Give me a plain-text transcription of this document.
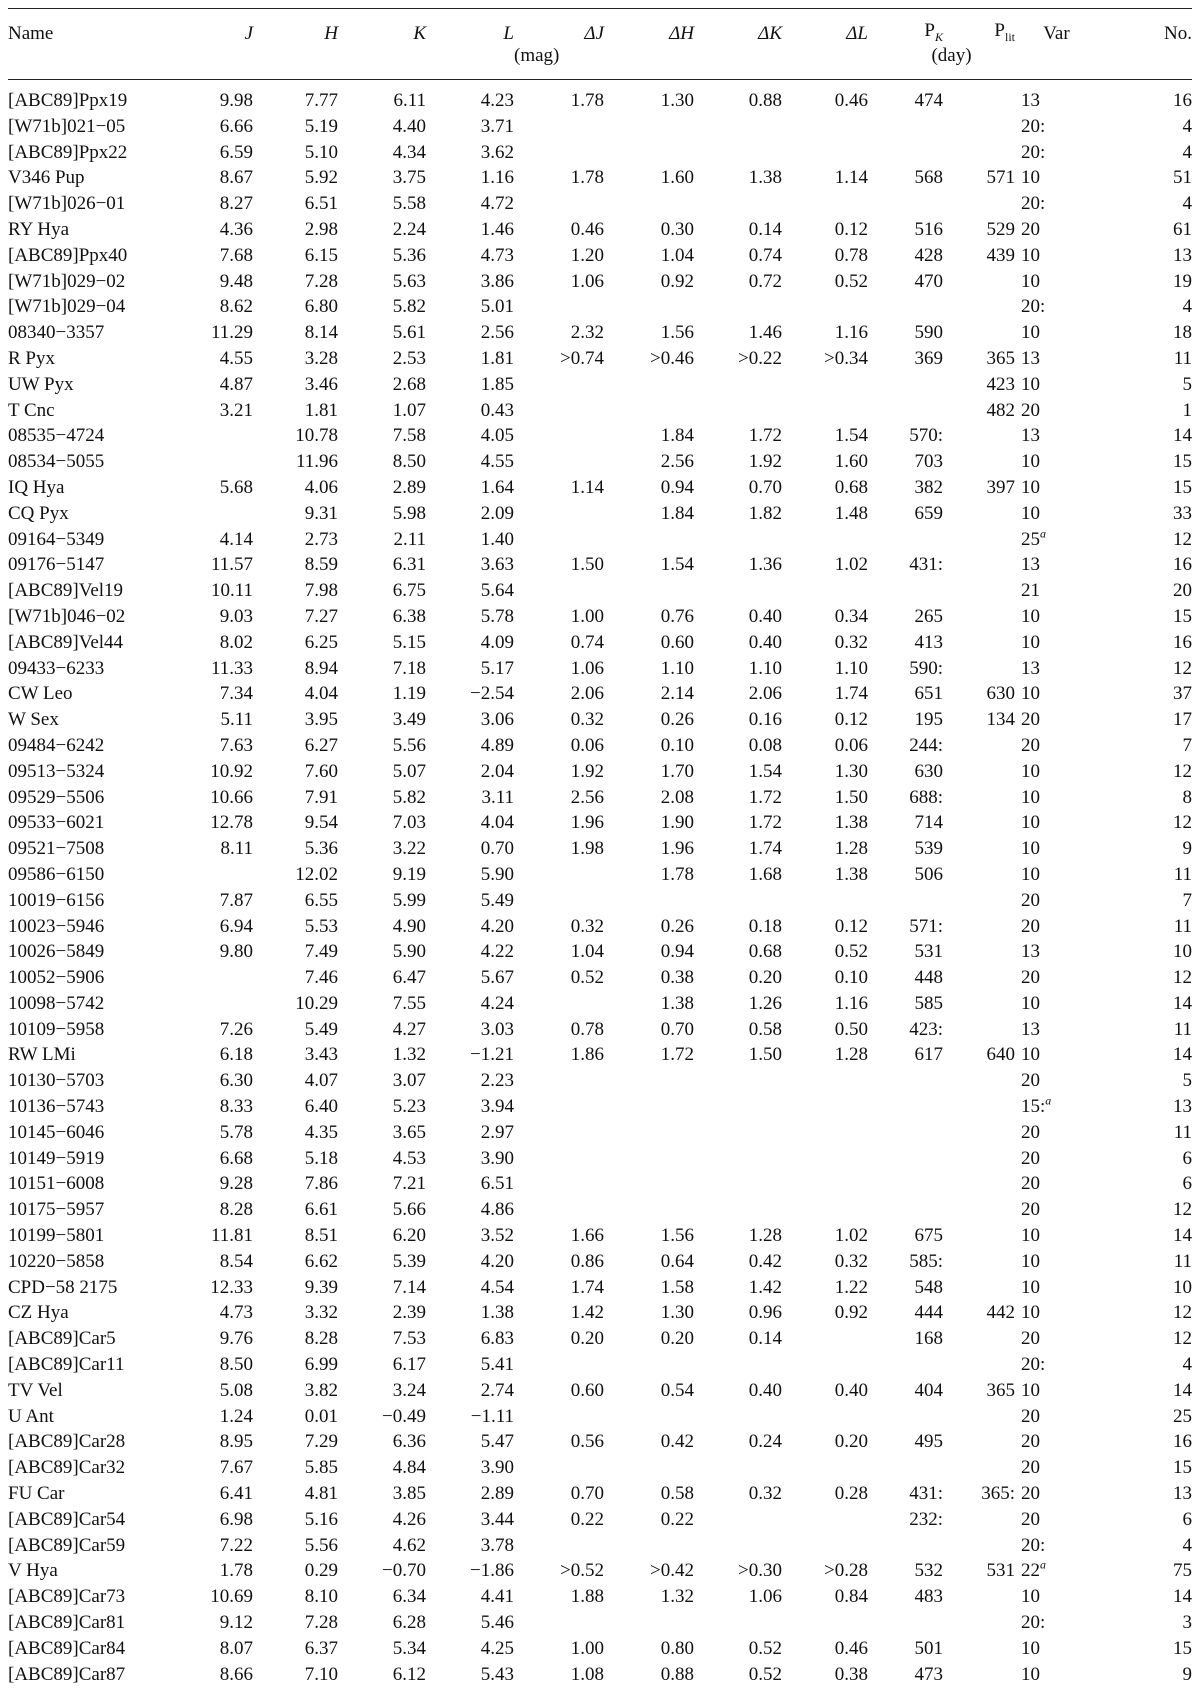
Name	J	H	K	L	ΔJ	ΔH	ΔK	ΔL	$P_K$	$P_{lit}$	Var	No.
					(mag)				(day)			
[ABC89]Ppx19	9.98	7.77	6.11	4.23	1.78	1.30	0.88	0.46	474		13	16
[W71b]021−05	6.66	5.19	4.40	3.71							20:	4
[ABC89]Ppx22	6.59	5.10	4.34	3.62							20:	4
V346 Pup	8.67	5.92	3.75	1.16	1.78	1.60	1.38	1.14	568	571	10	51
[W71b]026−01	8.27	6.51	5.58	4.72							20:	4
RY Hya	4.36	2.98	2.24	1.46	0.46	0.30	0.14	0.12	516	529	20	61
[ABC89]Ppx40	7.68	6.15	5.36	4.73	1.20	1.04	0.74	0.78	428	439	10	13
[W71b]029−02	9.48	7.28	5.63	3.86	1.06	0.92	0.72	0.52	470		10	19
[W71b]029−04	8.62	6.80	5.82	5.01							20:	4
08340−3357	11.29	8.14	5.61	2.56	2.32	1.56	1.46	1.16	590		10	18
R Pyx	4.55	3.28	2.53	1.81	>0.74	>0.46	>0.22	>0.34	369	365	13	11
UW Pyx	4.87	3.46	2.68	1.85						423	10	5
T Cnc	3.21	1.81	1.07	0.43						482	20	1
08535−4724		10.78	7.58	4.05		1.84	1.72	1.54	570:		13	14
08534−5055		11.96	8.50	4.55		2.56	1.92	1.60	703		10	15
IQ Hya	5.68	4.06	2.89	1.64	1.14	0.94	0.70	0.68	382	397	10	15
CQ Pyx		9.31	5.98	2.09		1.84	1.82	1.48	659		10	33
09164−5349	4.14	2.73	2.11	1.40							25$^a$	12
09176−5147	11.57	8.59	6.31	3.63	1.50	1.54	1.36	1.02	431:		13	16
[ABC89]Vel19	10.11	7.98	6.75	5.64							21	20
[W71b]046−02	9.03	7.27	6.38	5.78	1.00	0.76	0.40	0.34	265		10	15
[ABC89]Vel44	8.02	6.25	5.15	4.09	0.74	0.60	0.40	0.32	413		10	16
09433−6233	11.33	8.94	7.18	5.17	1.06	1.10	1.10	1.10	590:		13	12
CW Leo	7.34	4.04	1.19	−2.54	2.06	2.14	2.06	1.74	651	630	10	37
W Sex	5.11	3.95	3.49	3.06	0.32	0.26	0.16	0.12	195	134	20	17
09484−6242	7.63	6.27	5.56	4.89	0.06	0.10	0.08	0.06	244:		20	7
09513−5324	10.92	7.60	5.07	2.04	1.92	1.70	1.54	1.30	630		10	12
09529−5506	10.66	7.91	5.82	3.11	2.56	2.08	1.72	1.50	688:		10	8
09533−6021	12.78	9.54	7.03	4.04	1.96	1.90	1.72	1.38	714		10	12
09521−7508	8.11	5.36	3.22	0.70	1.98	1.96	1.74	1.28	539		10	9
09586−6150		12.02	9.19	5.90		1.78	1.68	1.38	506		10	11
10019−6156	7.87	6.55	5.99	5.49							20	7
10023−5946	6.94	5.53	4.90	4.20	0.32	0.26	0.18	0.12	571:		20	11
10026−5849	9.80	7.49	5.90	4.22	1.04	0.94	0.68	0.52	531		13	10
10052−5906		7.46	6.47	5.67	0.52	0.38	0.20	0.10	448		20	12
10098−5742		10.29	7.55	4.24		1.38	1.26	1.16	585		10	14
10109−5958	7.26	5.49	4.27	3.03	0.78	0.70	0.58	0.50	423:		13	11
RW LMi	6.18	3.43	1.32	−1.21	1.86	1.72	1.50	1.28	617	640	10	14
10130−5703	6.30	4.07	3.07	2.23							20	5
10136−5743	8.33	6.40	5.23	3.94							15:$^a$	13
10145−6046	5.78	4.35	3.65	2.97							20	11
10149−5919	6.68	5.18	4.53	3.90							20	6
10151−6008	9.28	7.86	7.21	6.51							20	6
10175−5957	8.28	6.61	5.66	4.86							20	12
10199−5801	11.81	8.51	6.20	3.52	1.66	1.56	1.28	1.02	675		10	14
10220−5858	8.54	6.62	5.39	4.20	0.86	0.64	0.42	0.32	585:		10	11
CPD−58 2175	12.33	9.39	7.14	4.54	1.74	1.58	1.42	1.22	548		10	10
CZ Hya	4.73	3.32	2.39	1.38	1.42	1.30	0.96	0.92	444	442	10	12
[ABC89]Car5	9.76	8.28	7.53	6.83	0.20	0.20	0.14		168		20	12
[ABC89]Car11	8.50	6.99	6.17	5.41							20:	4
TV Vel	5.08	3.82	3.24	2.74	0.60	0.54	0.40	0.40	404	365	10	14
U Ant	1.24	0.01	−0.49	−1.11							20	25
[ABC89]Car28	8.95	7.29	6.36	5.47	0.56	0.42	0.24	0.20	495		20	16
[ABC89]Car32	7.67	5.85	4.84	3.90							20	15
FU Car	6.41	4.81	3.85	2.89	0.70	0.58	0.32	0.28	431:	365:	20	13
[ABC89]Car54	6.98	5.16	4.26	3.44	0.22	0.22			232:		20	6
[ABC89]Car59	7.22	5.56	4.62	3.78							20:	4
V Hya	1.78	0.29	−0.70	−1.86	>0.52	>0.42	>0.30	>0.28	532	531	22$^a$	75
[ABC89]Car73	10.69	8.10	6.34	4.41	1.88	1.32	1.06	0.84	483		10	14
[ABC89]Car81	9.12	7.28	6.28	5.46							20:	3
[ABC89]Car84	8.07	6.37	5.34	4.25	1.00	0.80	0.52	0.46	501		10	15
[ABC89]Car87	8.66	7.10	6.12	5.43	1.08	0.88	0.52	0.38	473		10	9
